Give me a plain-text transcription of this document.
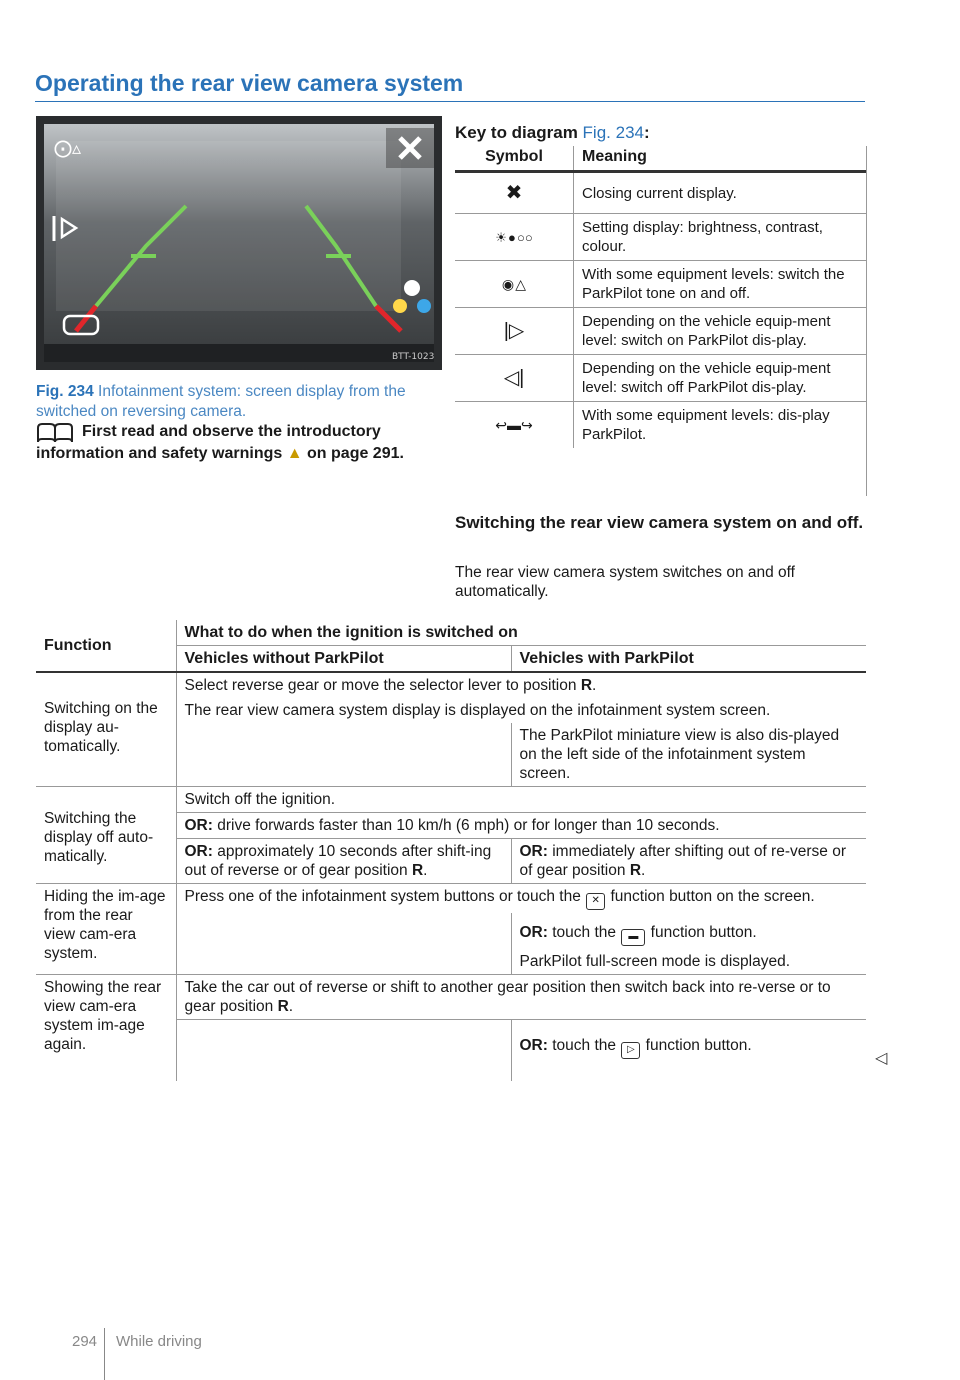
Operating the rear view camera system
⨀▵
BTT-1023
Fig. 234 Infotainment system: screen display from the switched on reversing camera.
First read and observe the introductory information and safety warnings ▲ on page 291.
Key to diagram Fig. 234:
Symbol	Meaning
✖	Closing current display.
☀ ● ○○	Setting display: brightness, contrast, colour.
◉ △	With some equipment levels: switch the ParkPilot tone on and off.
|▷	Depending on the vehicle equip-ment level: switch on ParkPilot dis-play.
◁|	Depending on the vehicle equip-ment level: switch off ParkPilot dis-play.
↩▬↪	With some equipment levels: dis-play ParkPilot.
Switching the rear view camera system on and off.
The rear view camera system switches on and off automatically.
Function	What to do when the ignition is switched on	
	Vehicles without ParkPilot	Vehicles with ParkPilot
Switching on the display au-tomatically.	Select reverse gear or move the selector lever to position R.	
	The rear view camera system display is displayed on the infotainment system screen.	
		The ParkPilot miniature view is also dis-played on the left side of the infotainment system screen.
Switching the display off auto-matically.	Switch off the ignition.	
	OR: drive forwards faster than 10 km/h (6 mph) or for longer than 10 seconds.	
	OR: approximately 10 seconds after shift-ing out of reverse or of gear position R.	OR: immediately after shifting out of re-verse or of gear position R.
Hiding the im-age from the rear view cam-era system.	Press one of the infotainment system buttons or touch the ✕ function button on the screen.	
		OR: touch the ▬ function button.
		ParkPilot full-screen mode is displayed.
Showing the rear view cam-era system im-age again.	Take the car out of reverse or shift to another gear position then switch back into re-verse or to gear position R.	
		OR: touch the ▷ function button.
◁
294 While driving
